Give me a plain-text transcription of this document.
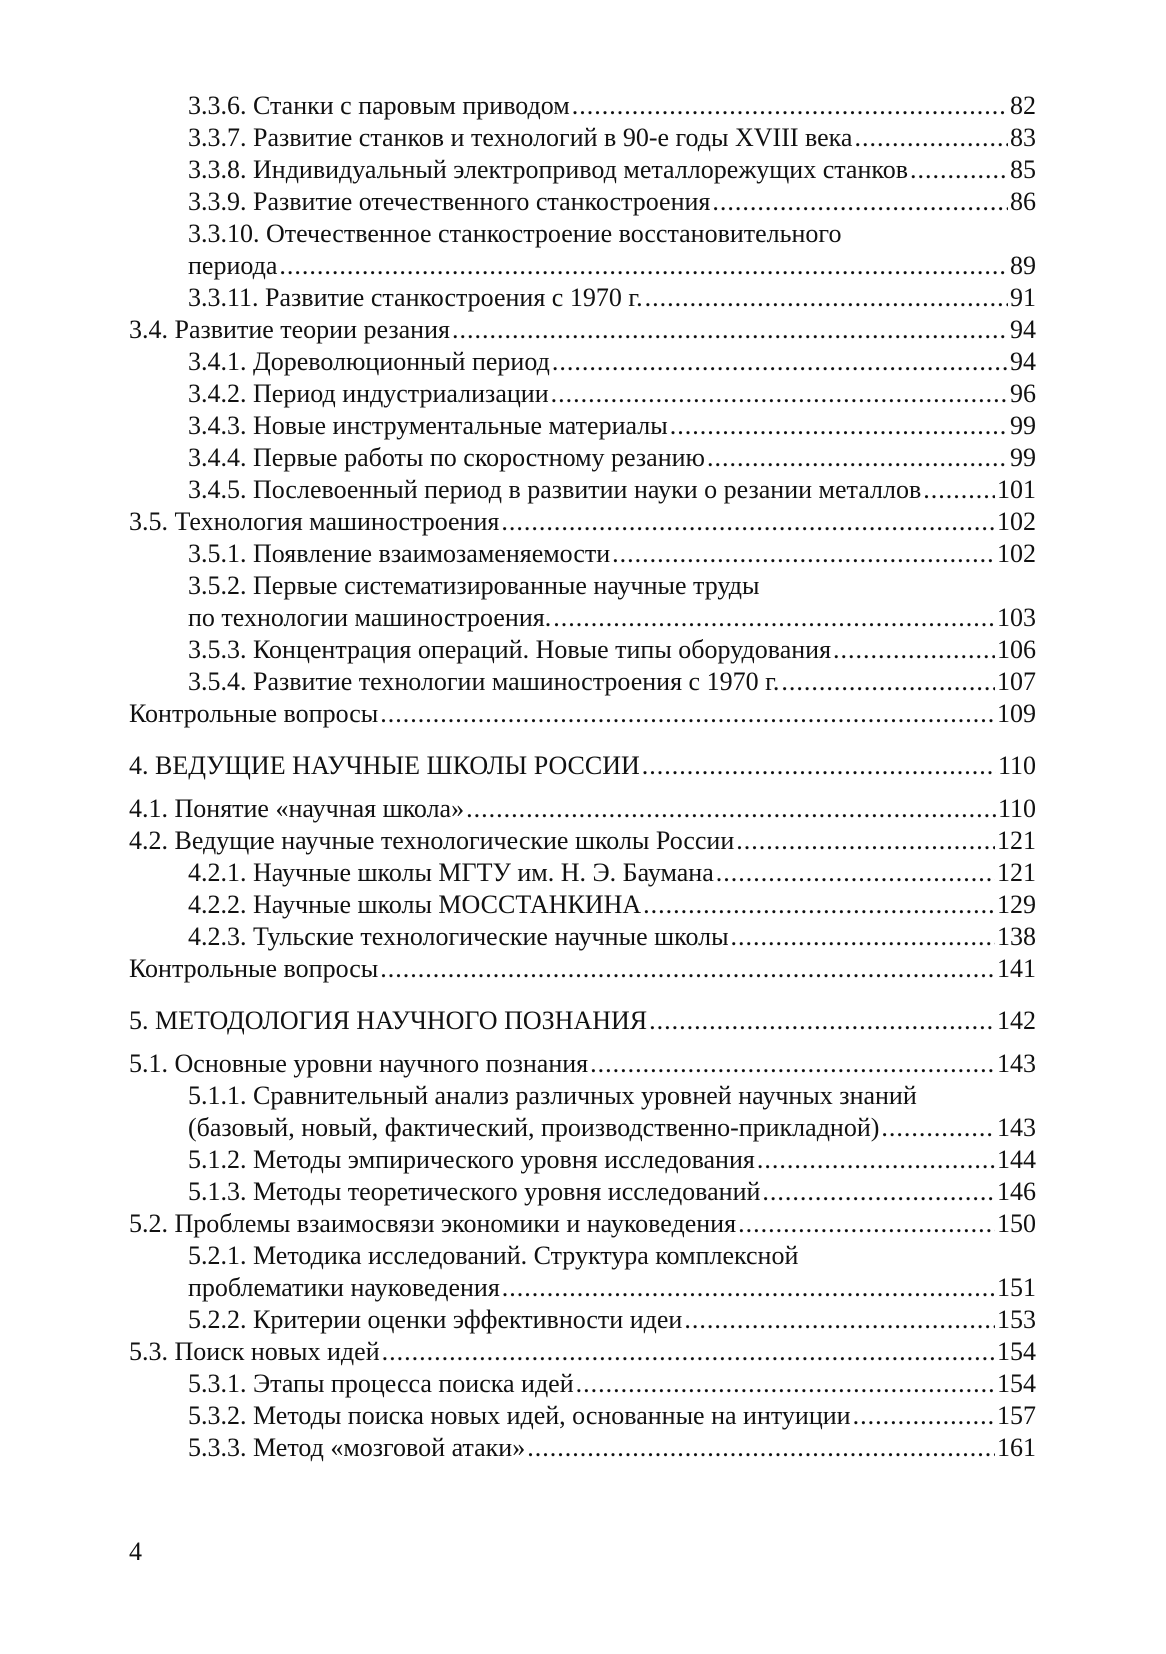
3.3.6. Станки с паровым приводом .....	82
3.3.7. Развитие станков и технологий в 90-е годы XVIII века .....	83
3.3.8. Индивидуальный электропривод металлорежущих станков .....	85
3.3.9. Развитие отечественного станкостроения .....	86
3.3.10. Отечественное станкостроение восстановительного
периода .....	89
3.3.11. Развитие станкостроения с 1970 г. .....	91
3.4. Развитие теории резания .....	94
3.4.1. Дореволюционный период .....	94
3.4.2. Период индустриализации .....	96
3.4.3. Новые инструментальные материалы .....	99
3.4.4. Первые работы по скоростному резанию .....	99
3.4.5. Послевоенный период в развитии науки о резании металлов .....	101
3.5. Технология машиностроения .....	102
3.5.1. Появление взаимозаменяемости .....	102
3.5.2. Первые систематизированные научные труды
по технологии машиностроения. .....	103
3.5.3. Концентрация операций. Новые типы оборудования .....	106
3.5.4. Развитие технологии машиностроения с 1970 г. .....	107
Контрольные вопросы .....	109
4. ВЕДУЩИЕ НАУЧНЫЕ ШКОЛЫ РОССИИ .....	110
4.1. Понятие «научная школа» .....	110
4.2. Ведущие научные технологические школы России .....	121
4.2.1. Научные школы МГТУ им. Н. Э. Баумана .....	121
4.2.2. Научные школы МОССТАНКИНА .....	129
4.2.3. Тульские технологические научные школы .....	138
Контрольные вопросы .....	141
5. МЕТОДОЛОГИЯ НАУЧНОГО ПОЗНАНИЯ .....	142
5.1. Основные уровни научного познания .....	143
5.1.1. Сравнительный анализ различных уровней научных знаний
(базовый, новый, фактический, производственно-прикладной) .....	143
5.1.2. Методы эмпирического уровня исследования .....	144
5.1.3. Методы теоретического уровня исследований .....	146
5.2. Проблемы взаимосвязи экономики и науковедения .....	150
5.2.1. Методика исследований. Структура комплексной
проблематики науковедения .....	151
5.2.2. Критерии оценки эффективности идеи .....	153
5.3. Поиск новых идей .....	154
5.3.1. Этапы процесса поиска идей .....	154
5.3.2. Методы поиска новых идей, основанные на интуиции .....	157
5.3.3. Метод «мозговой атаки» .....	161
4
